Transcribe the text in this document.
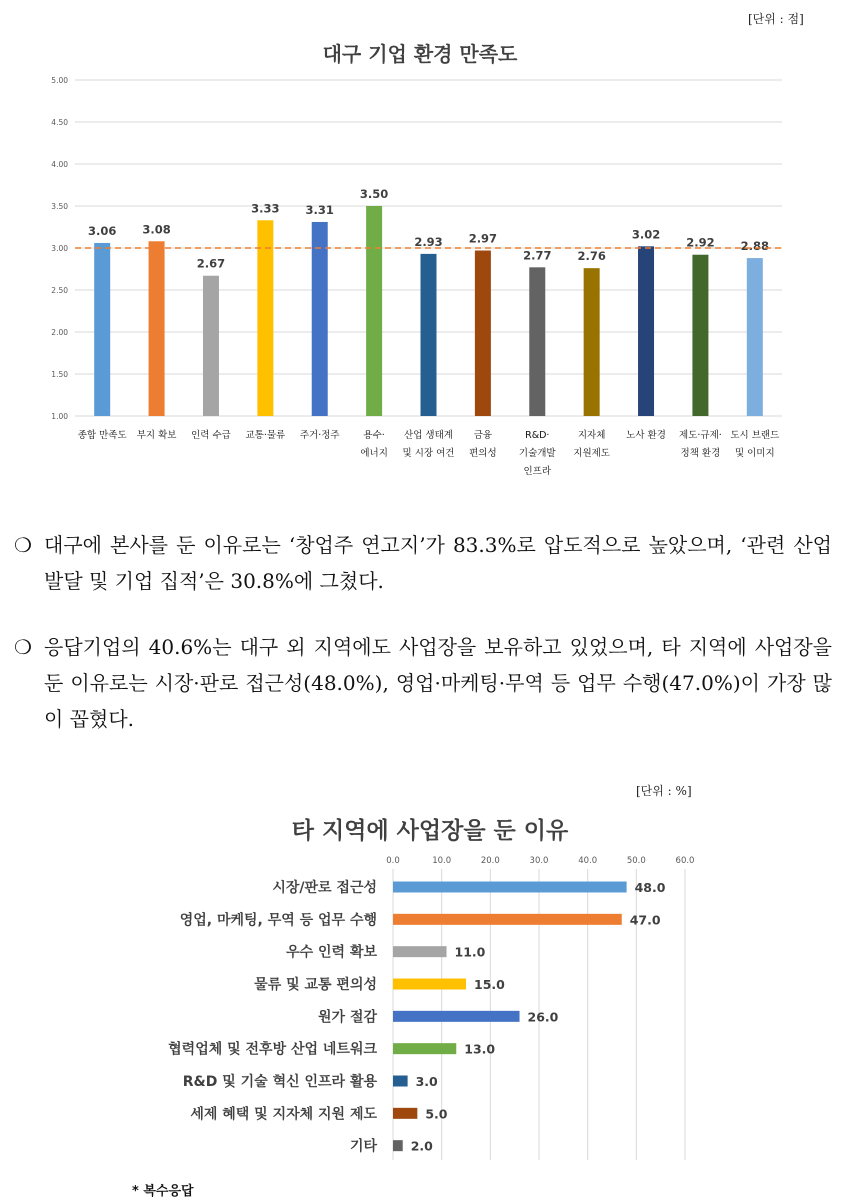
[단위 : 점]
대구 기업 환경 만족도
1.00
1.50
2.00
2.50
3.00
3.50
4.00
4.50
5.00
3.06
종합 만족도
3.08
부지 확보
2.67
인력 수급
3.33
교통·물류
3.31
주거·정주
3.50
용수·
에너지
2.93
산업 생태계
및 시장 여건
2.97
금융
편의성
2.77
R&D·
기술개발
인프라
2.76
지자체
지원제도
3.02
노사 환경
2.92
제도·규제·
정책 환경
2.88
도시 브랜드
및 이미지
❍ 대구에 본사를 둔 이유로는 ‘창업주 연고지’가 83.3%로 압도적으로 높았으며, ‘관련 산업 발달 및 기업 집적’은 30.8%에 그쳤다.
❍ 응답기업의 40.6%는 대구 외 지역에도 사업장을 보유하고 있었으며, 타 지역에 사업장을 둔 이유로는 시장·판로 접근성(48.0%), 영업·마케팅·무역 등 업무 수행(47.0%)이 가장 많이 꼽혔다.
[단위 : %]
타 지역에 사업장을 둔 이유
0.0	10.0	20.0	30.0	40.0	50.0	60.0
48.0
시장/판로 접근성
47.0
영업, 마케팅, 무역 등 업무 수행
11.0
우수 인력 확보
15.0
물류 및 교통 편의성
26.0
원가 절감
13.0
협력업체 및 전후방 산업 네트워크
3.0
R&D 및 기술 혁신 인프라 활용
5.0
세제 혜택 및 지자체 지원 제도
2.0
기타
* 복수응답
